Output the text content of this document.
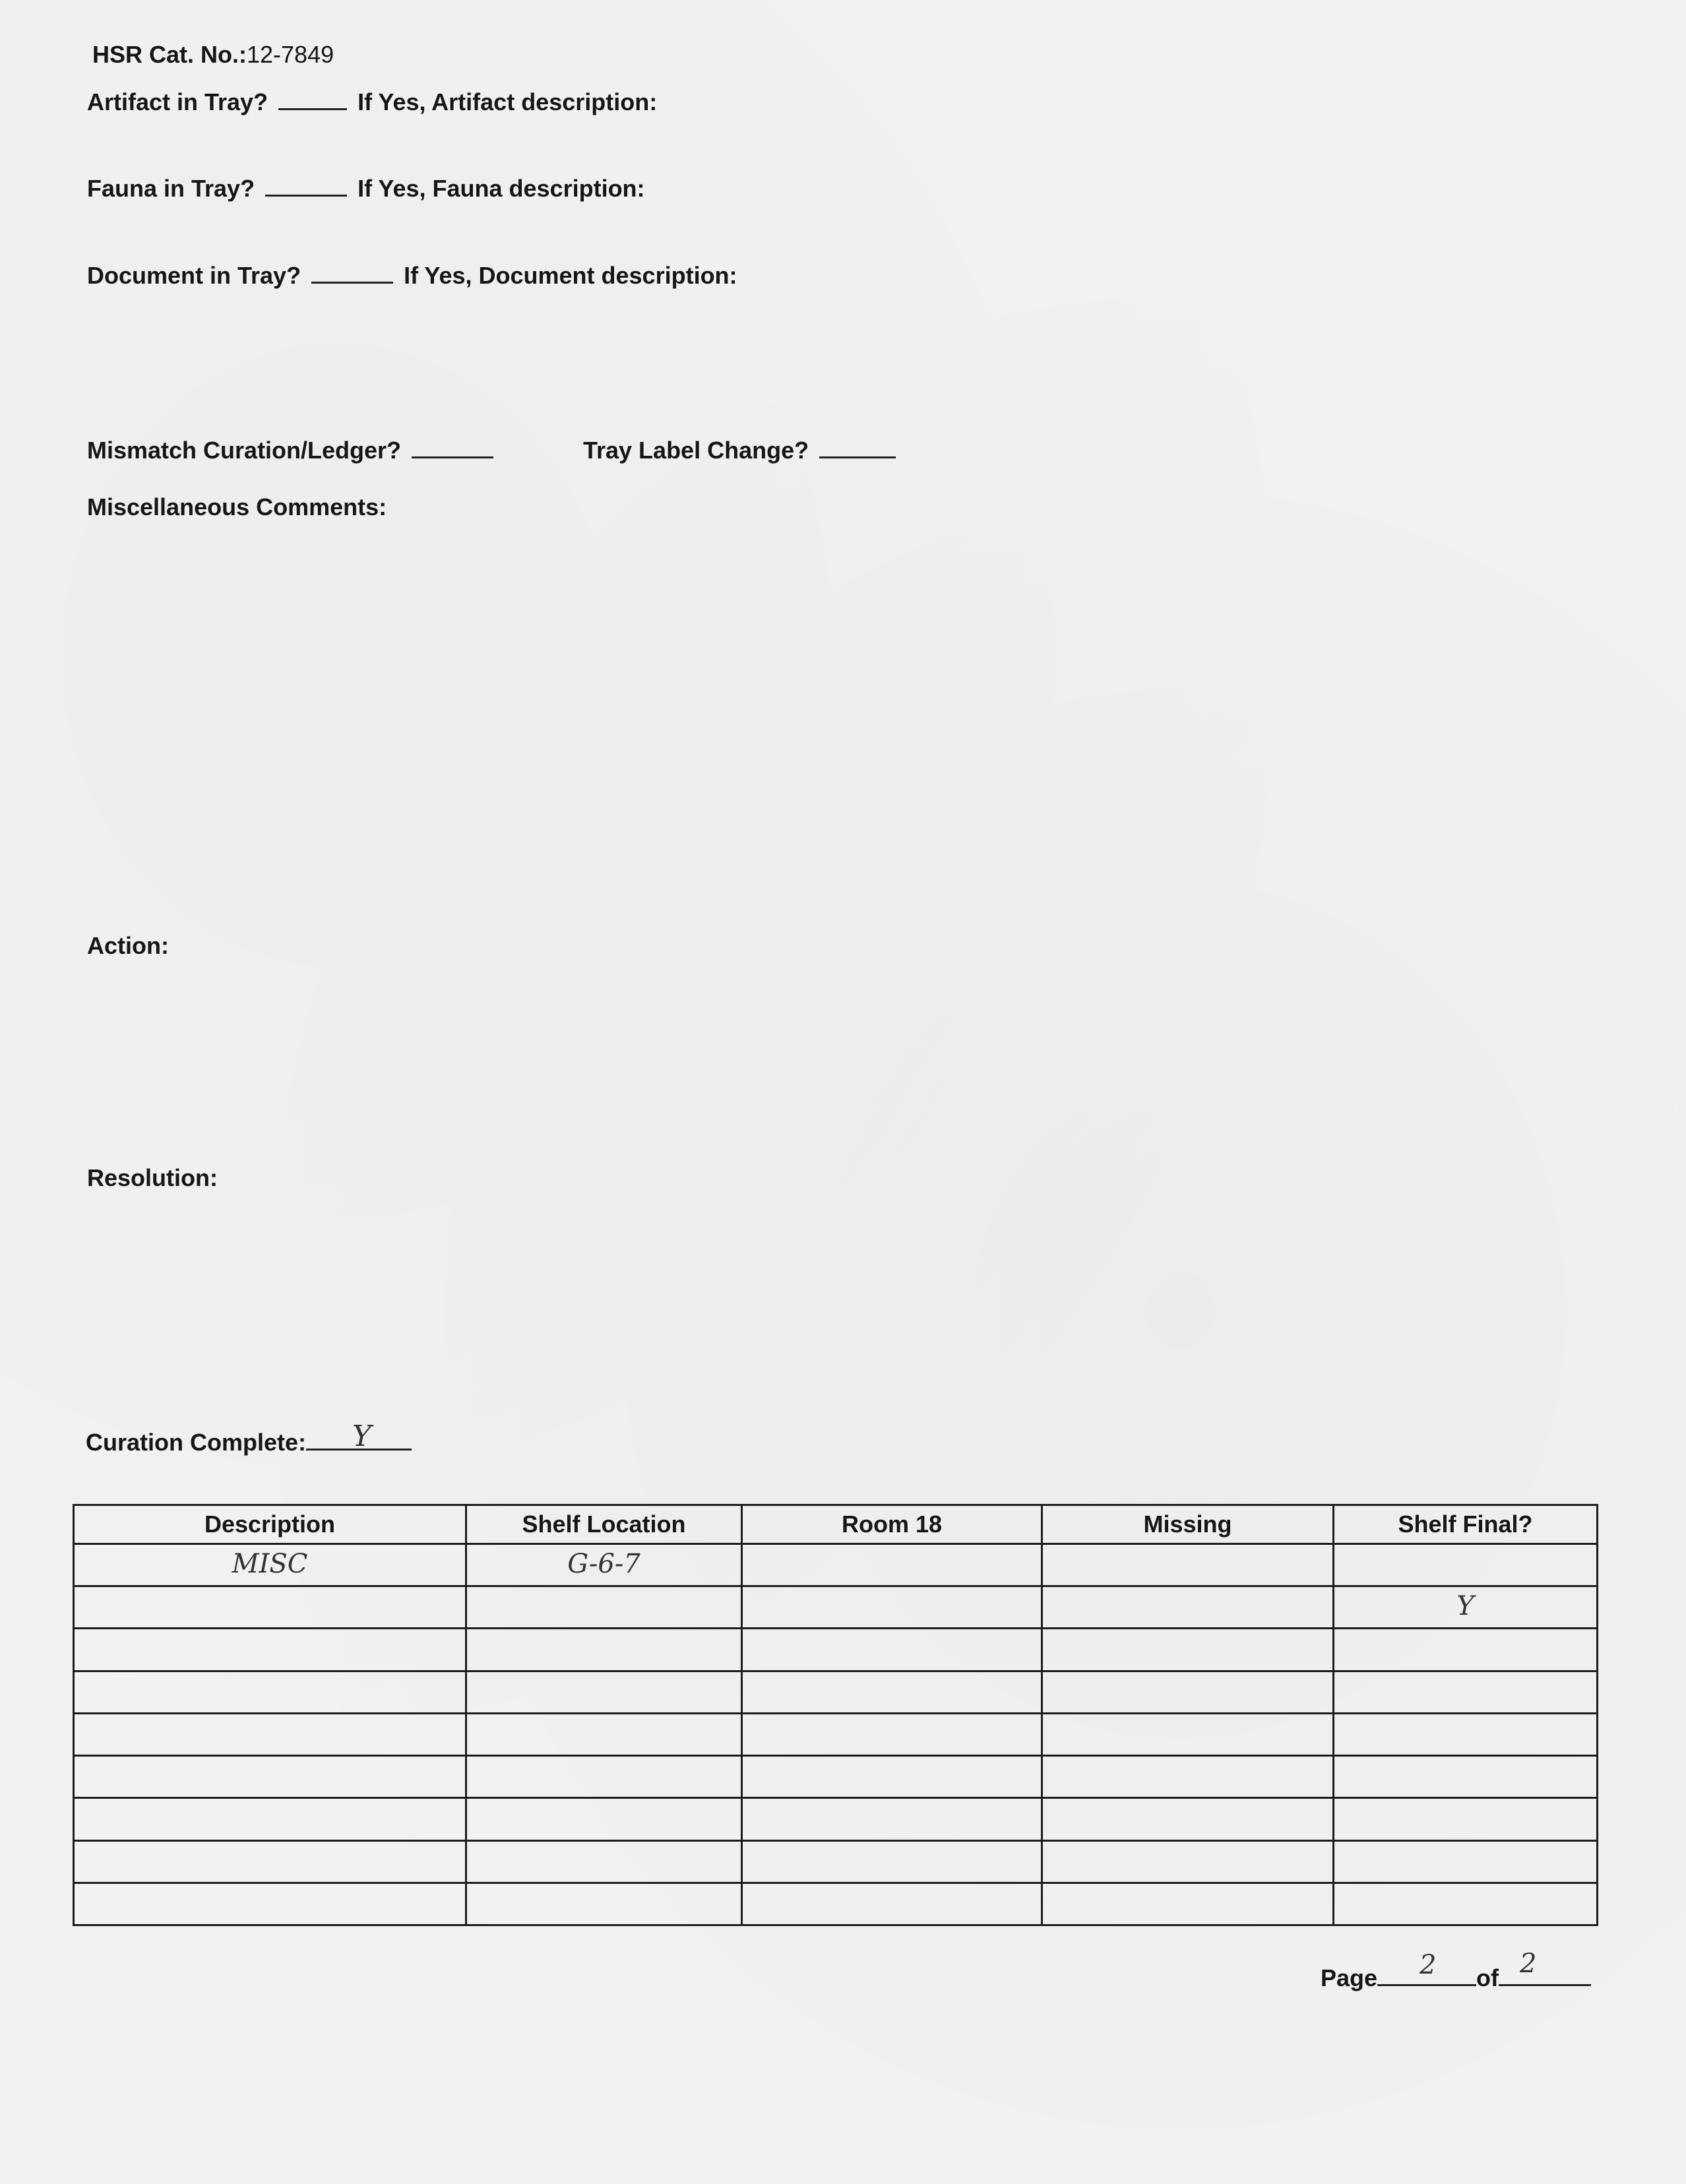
HSR Cat. No.:12-7849
Artifact in Tray?	If Yes, Artifact description:
Fauna in Tray?	If Yes, Fauna description:
Document in Tray?	If Yes, Document description:
Mismatch Curation/Ledger?	Tray Label Change?
Miscellaneous Comments:
Action:
Resolution:
Curation Complete: Y
Description	Shelf Location	Room 18	Missing	Shelf Final?

MISC	G-6-7			

				Y

Page 2 of 2
